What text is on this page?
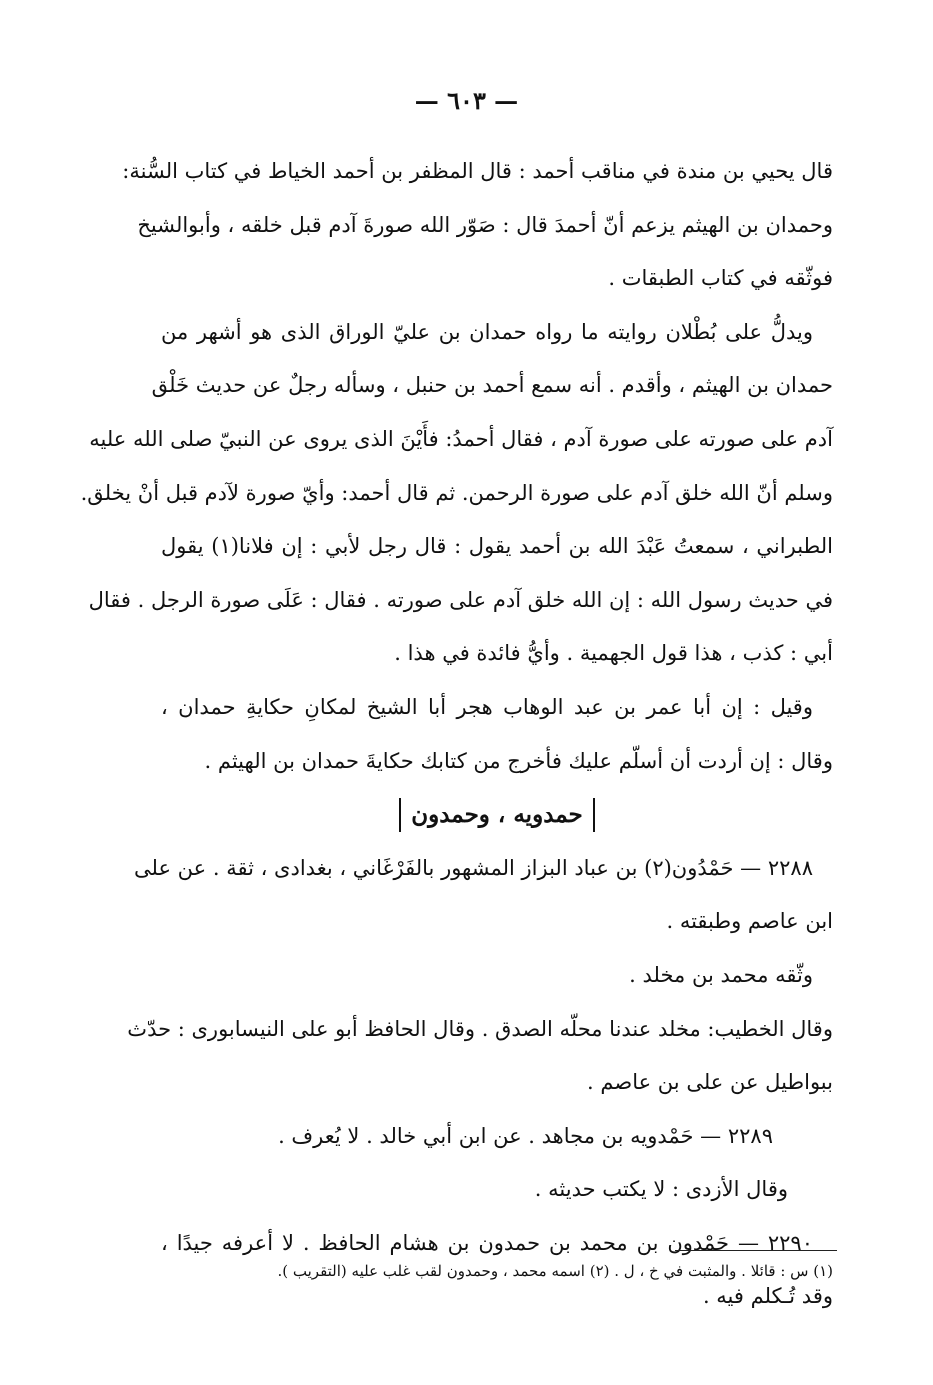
— ٦٠٣ —
قال يحيي بن مندة في مناقب أحمد : قال المظفر بن أحمد الخياط في كتاب السُّنة:
وحمدان بن الهيثم يزعم أنّ أحمدَ قال : صَوّر الله صورةَ آدم قبل خلقه ، وأبوالشيخ
فوثّقه في كتاب الطبقات .
ويدلُّ على بُطْلان روايته ما رواه حمدان بن عليّ الوراق الذى هو أشهر من
حمدان بن الهيثم ، وأقدم . أنه سمع أحمد بن حنبل ، وسأله رجلٌ عن حديث خَلْق
آدم على صورته على صورة آدم ، فقال أحمدُ: فأَيْنَ الذى يروى عن النبيّ صلى الله عليه
وسلم أنّ الله خلق آدم على صورة الرحمن. ثم قال أحمد: وأيّ صورة لآدم قبل أنْ يخلق.
الطبراني ، سمعتُ عَبْدَ الله بن أحمد يقول : قال رجل لأبي : إن فلانا(١) يقول
في حديث رسول الله : إن الله خلق آدم على صورته . فقال : عَلَى صورة الرجل . فقال
أبي : كذب ، هذا قول الجهمية . وأيُّ فائدة في هذا .
وقيل : إن أبا عمر بن عبد الوهاب هجر أبا الشيخ لمكانِ حكايةِ حمدان ،
وقال : إن أردت أن أسلّم عليك فأخرج من كتابك حكايةَ حمدان بن الهيثم .
حمدويه ، وحمدون
٢٢٨٨ — حَمْدُون(٢) بن عباد البزاز المشهور بالفَرْغَاني ، بغدادى ، ثقة . عن على
ابن عاصم وطبقته .
وثّقه محمد بن مخلد .
وقال الخطيب: مخلد عندنا محلّه الصدق . وقال الحافظ أبو على النيسابورى : حدّث
ببواطيل عن على بن عاصم .
٢٢٨٩ — حَمْدويه بن مجاهد . عن ابن أبي خالد . لا يُعرف .
وقال الأزدى : لا يكتب حديثه .
٢٢٩٠ — حَمْدون بن محمد بن حمدون بن هشام الحافظ . لا أعرفه جيدًا ،
وقد تُـكلم فيه .
(١) س : قائلا . والمثبت في خ ، ل . (٢) اسمه محمد ، وحمدون لقب غلب عليه (التقريب ).
